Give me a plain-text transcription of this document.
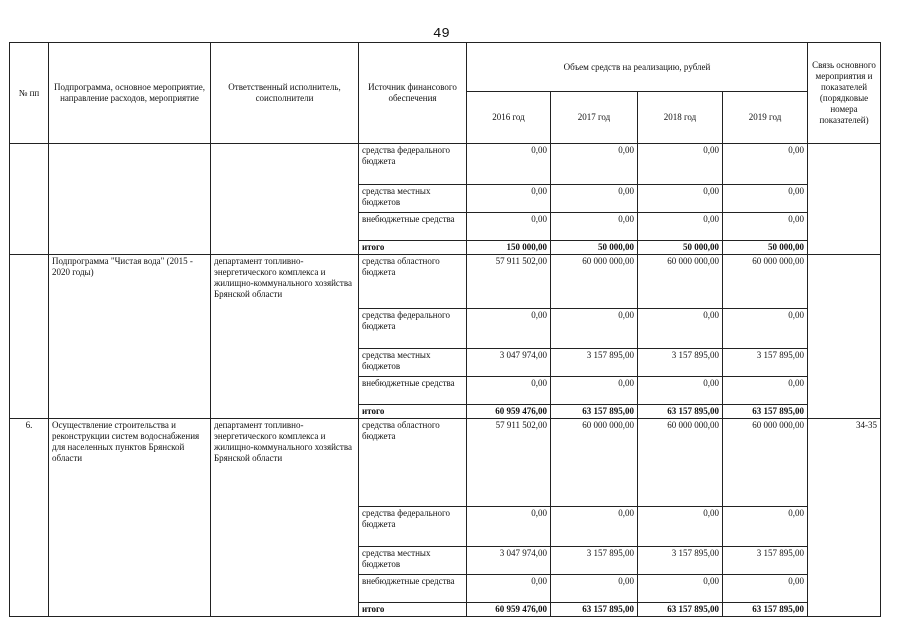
49
№ пп	Подпрограмма, основное мероприятие, направление расходов, мероприятие	Ответственный исполнитель, соисполнители	Источник финансового обеспечения	Объем средств на реализацию, рублей				Связь основного мероприятия и показателей (порядковые номера показателей)
				2016 год	2017 год	2018 год	2019 год	
			средства федерального бюджета	0,00	0,00	0,00	0,00	
			средства местных бюджетов	0,00	0,00	0,00	0,00	
			внебюджетные средства	0,00	0,00	0,00	0,00	
			итого	150 000,00	50 000,00	50 000,00	50 000,00	
	Подпрограмма "Чистая вода" (2015 - 2020 годы)	департамент топливно-энергетического комплекса и жилищно-коммунального хозяйства Брянской области	средства областного бюджета	57 911 502,00	60 000 000,00	60 000 000,00	60 000 000,00	
			средства федерального бюджета	0,00	0,00	0,00	0,00	
			средства местных бюджетов	3 047 974,00	3 157 895,00	3 157 895,00	3 157 895,00	
			внебюджетные средства	0,00	0,00	0,00	0,00	
			итого	60 959 476,00	63 157 895,00	63 157 895,00	63 157 895,00	
6.	Осуществление строительства и реконструкции систем водоснабжения для населенных пунктов Брянской области	департамент топливно-энергетического комплекса и жилищно-коммунального хозяйства Брянской области	средства областного бюджета	57 911 502,00	60 000 000,00	60 000 000,00	60 000 000,00	34-35
			средства федерального бюджета	0,00	0,00	0,00	0,00	
			средства местных бюджетов	3 047 974,00	3 157 895,00	3 157 895,00	3 157 895,00	
			внебюджетные средства	0,00	0,00	0,00	0,00	
			итого	60 959 476,00	63 157 895,00	63 157 895,00	63 157 895,00	
